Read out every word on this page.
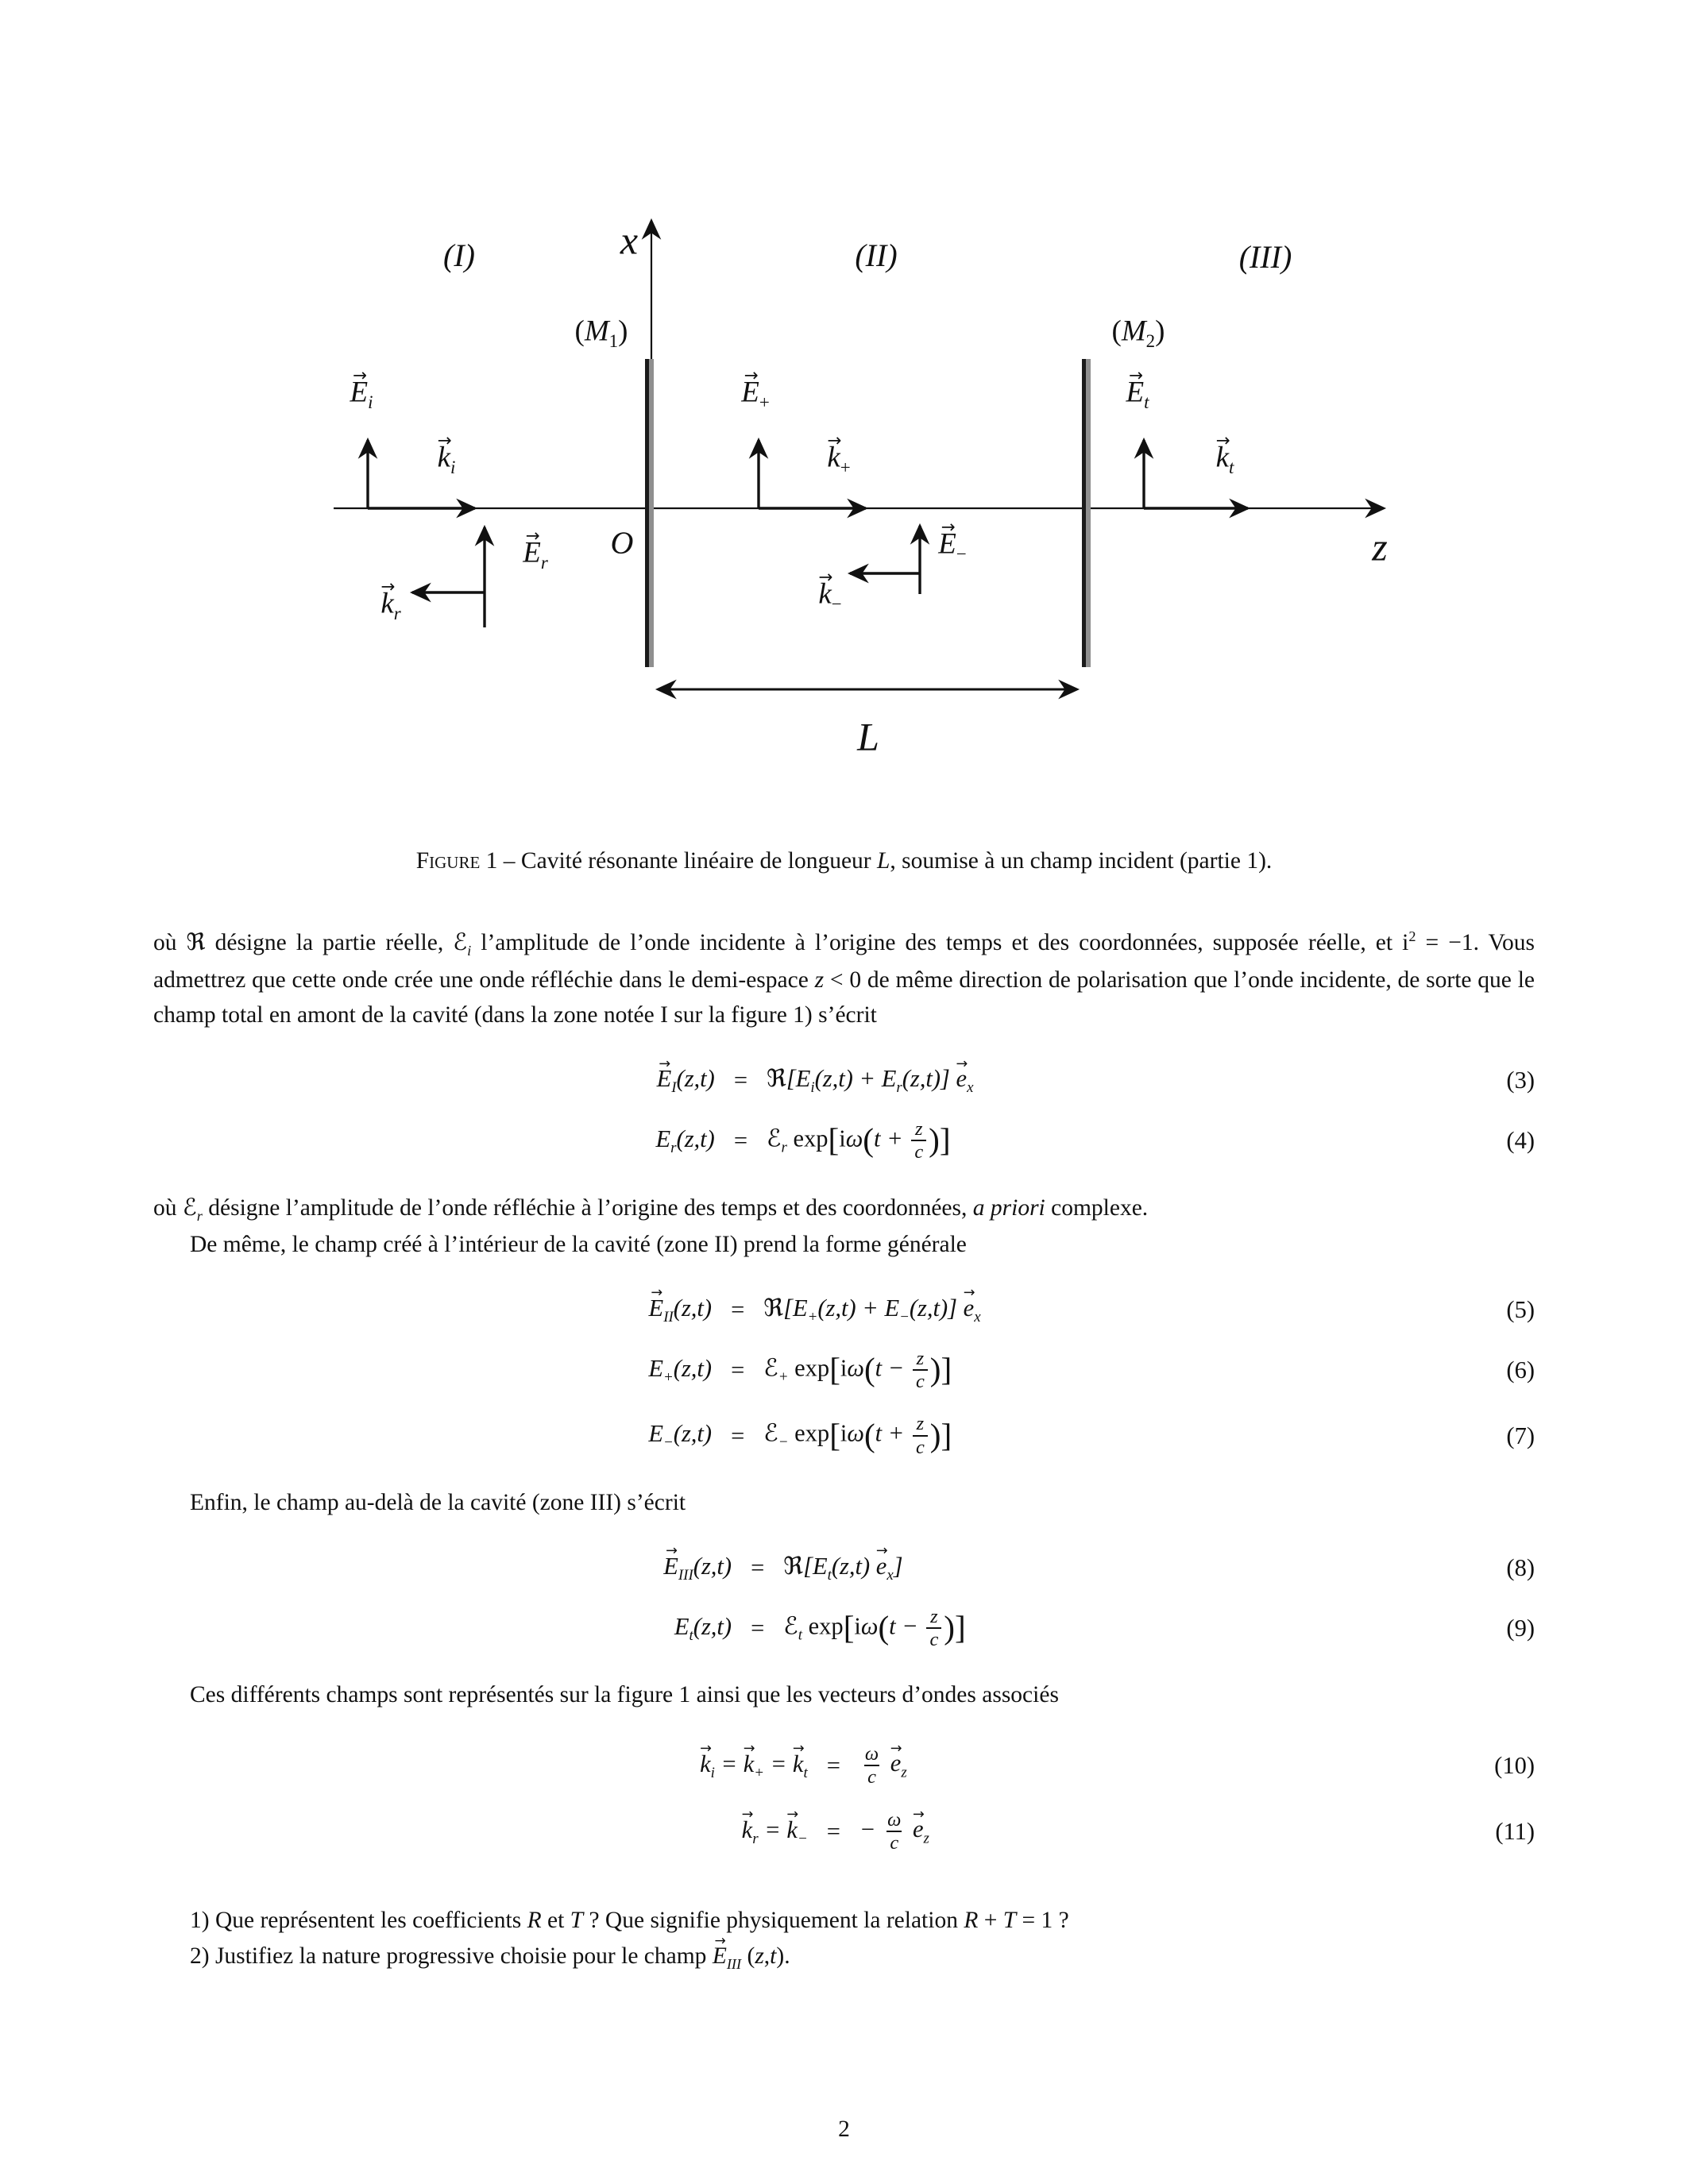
(I)	(II)	(III)
$(M_1)$	$(M_2)$
x
z
O
L
$E \to_i$
$k \to_i$
$E \to_r$
$k \to_r$
$E \to_+$
$k \to_+$
$E \to_-$
$k \to_-$
$E \to_t$
$k \to_t$
Figure 1 – Cavité résonante linéaire de longueur L, soumise à un champ incident (partie 1).

où ℜ désigne la partie réelle, ℰ$_i$ l’amplitude de l’onde incidente à l’origine des temps et des coordonnées, supposée réelle, et $i^2 = -1$. Vous admettrez que cette onde crée une onde réfléchie dans le demi-espace z < 0 de même direction de polarisation que l’onde incidente, de sorte que le champ total en amont de la cavité (dans la zone notée I sur la figure 1) s’écrit

$E \to_I(z,t)$ = $ℜ[E_i(z,t) + E_r(z,t)]$ $e \to_x$	(3)
$E_r(z,t)$ = ℰ$_r$ $\exp[i\omega(t + \frac{z}{c}$ )]	(4)

où ℰ$_r$ désigne l’amplitude de l’onde réfléchie à l’origine des temps et des coordonnées, a priori complexe.

De même, le champ créé à l’intérieur de la cavité (zone II) prend la forme générale

$E \to_{II}(z,t)$ = $ℜ[E_+(z,t) + E_-(z,t)]$ $e \to_x$	(5)
$E_+(z,t)$ = ℰ$_+$ $\exp[i\omega(t - \frac{z}{c}$ )]	(6)
$E_-(z,t)$ = ℰ$_-$ $\exp[i\omega(t + \frac{z}{c}$ )]	(7)

Enfin, le champ au-delà de la cavité (zone III) s’écrit

$E \to_{III}(z,t)$ = $ℜ[E_t(z,t)$ $e \to_x$]	(8)
$E_t(z,t)$ = ℰ$_t$ $\exp[i\omega(t - \frac{z}{c}$ )]	(9)

Ces différents champs sont représentés sur la figure 1 ainsi que les vecteurs d’ondes associés

$k \to_i = k \to_+ = k \to_t$ =	$\frac{\omega}{c}$ $e \to_z$	(10)
$k \to_r = k \to_-$ = − $\frac{\omega}{c}$ $e \to_z$	(11)
1) Que représentent les coefficients R et T ? Que signifie physiquement la relation R + T = 1 ?
2) Justifiez la nature progressive choisie pour le champ $E \to_{III}$ (z,t).
2
